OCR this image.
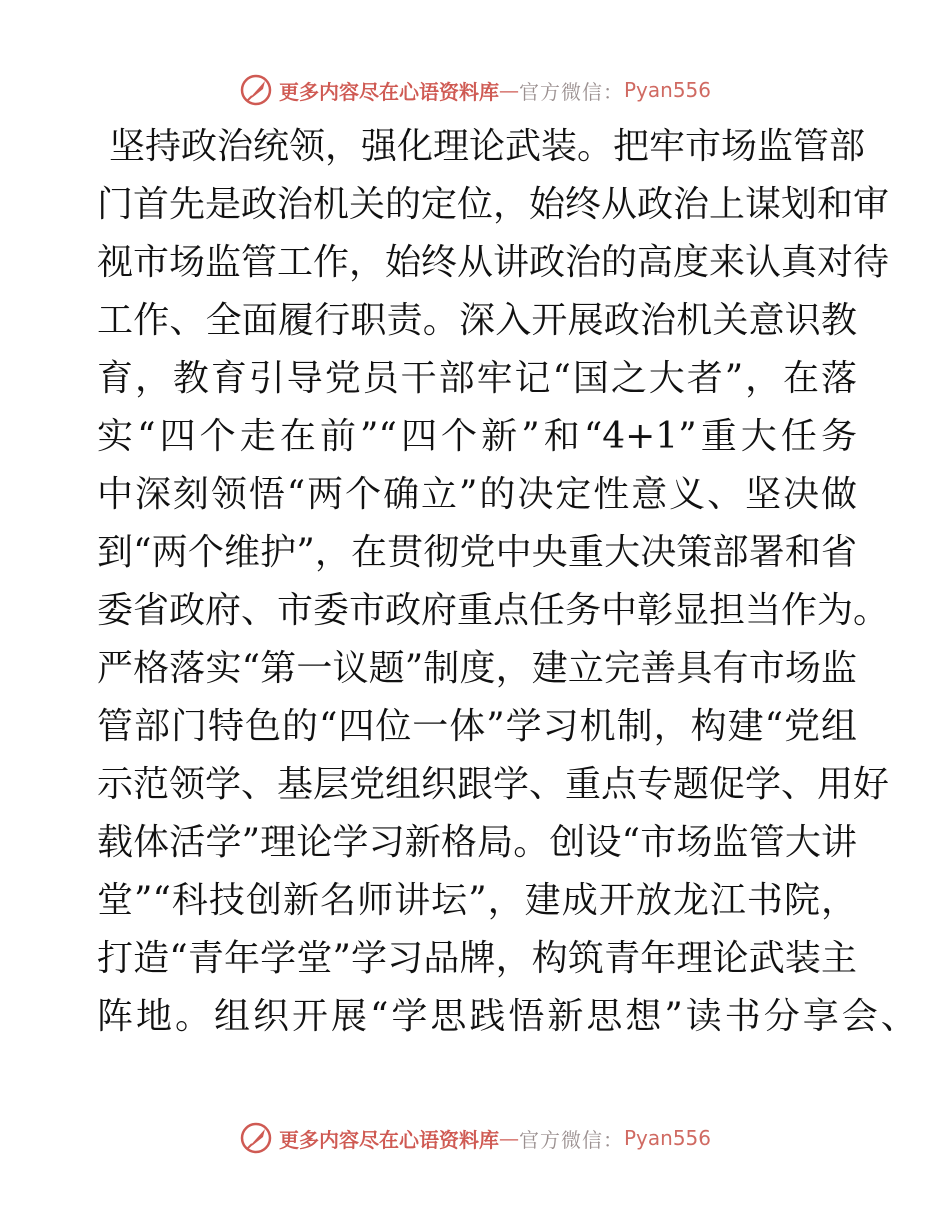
更多内容尽在心语资料库 — 官方微信： Pyan556
坚持政治统领，强化理论武装。把牢市场监管部
门首先是政治机关的定位，始终从政治上谋划和审
视市场监管工作，始终从讲政治的高度来认真对待
工作、全面履行职责。深入开展政治机关意识教
育，教育引导党员干部牢记“国之大者”，在落
实“四个走在前”“四个新”和“4+1”重大任务
中深刻领悟“两个确立”的决定性意义、坚决做
到“两个维护”，在贯彻党中央重大决策部署和省
委省政府、市委市政府重点任务中彰显担当作为。
严格落实“第一议题”制度，建立完善具有市场监
管部门特色的“四位一体”学习机制，构建“党组
示范领学、基层党组织跟学、重点专题促学、用好
载体活学”理论学习新格局。创设“市场监管大讲
堂”“科技创新名师讲坛”，建成开放龙江书院，
打造“青年学堂”学习品牌，构筑青年理论武装主
阵地。组织开展“学思践悟新思想”读书分享会、
更多内容尽在心语资料库 — 官方微信： Pyan556
